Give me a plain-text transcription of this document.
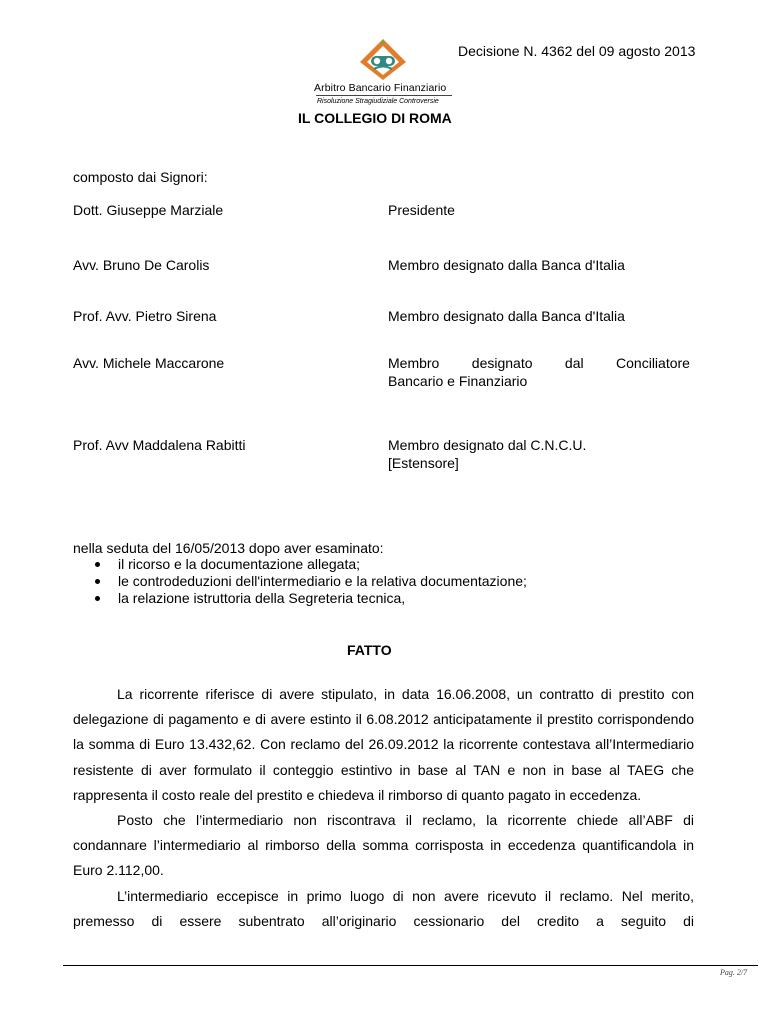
Arbitro Bancario Finanziario
Risoluzione Stragiudiziale Controversie
Decisione N. 4362 del 09 agosto 2013
IL COLLEGIO DI ROMA
composto dai Signori:
Dott. Giuseppe Marziale	Presidente
Avv. Bruno De Carolis	Membro designato dalla Banca d'Italia
Prof. Avv. Pietro Sirena	Membro designato dalla Banca d'Italia
Avv. Michele Maccarone	Membro designato dal Conciliatore
Bancario e Finanziario
Prof. Avv Maddalena Rabitti	Membro designato dal C.N.C.U.
[Estensore]
nella seduta del 16/05/2013 dopo aver esaminato:
il ricorso e la documentazione allegata;
le controdeduzioni dell'intermediario e la relativa documentazione;
la relazione istruttoria della Segreteria tecnica,
FATTO

La ricorrente riferisce di avere stipulato, in data 16.06.2008, un contratto di prestito con delegazione di pagamento e di avere estinto il 6.08.2012 anticipatamente il prestito corrispondendo la somma di Euro 13.432,62. Con reclamo del 26.09.2012 la ricorrente contestava all’Intermediario resistente di aver formulato il conteggio estintivo in base al TAN e non in base al TAEG che rappresenta il costo reale del prestito e chiedeva il rimborso di quanto pagato in eccedenza.

Posto che l’intermediario non riscontrava il reclamo, la ricorrente chiede all’ABF di condannare l’intermediario al rimborso della somma corrisposta in eccedenza quantificandola in Euro 2.112,00.

L’intermediario eccepisce in primo luogo di non avere ricevuto il reclamo. Nel merito, premesso di essere subentrato all’originario cessionario del credito a seguito di

Pag. 2/7
